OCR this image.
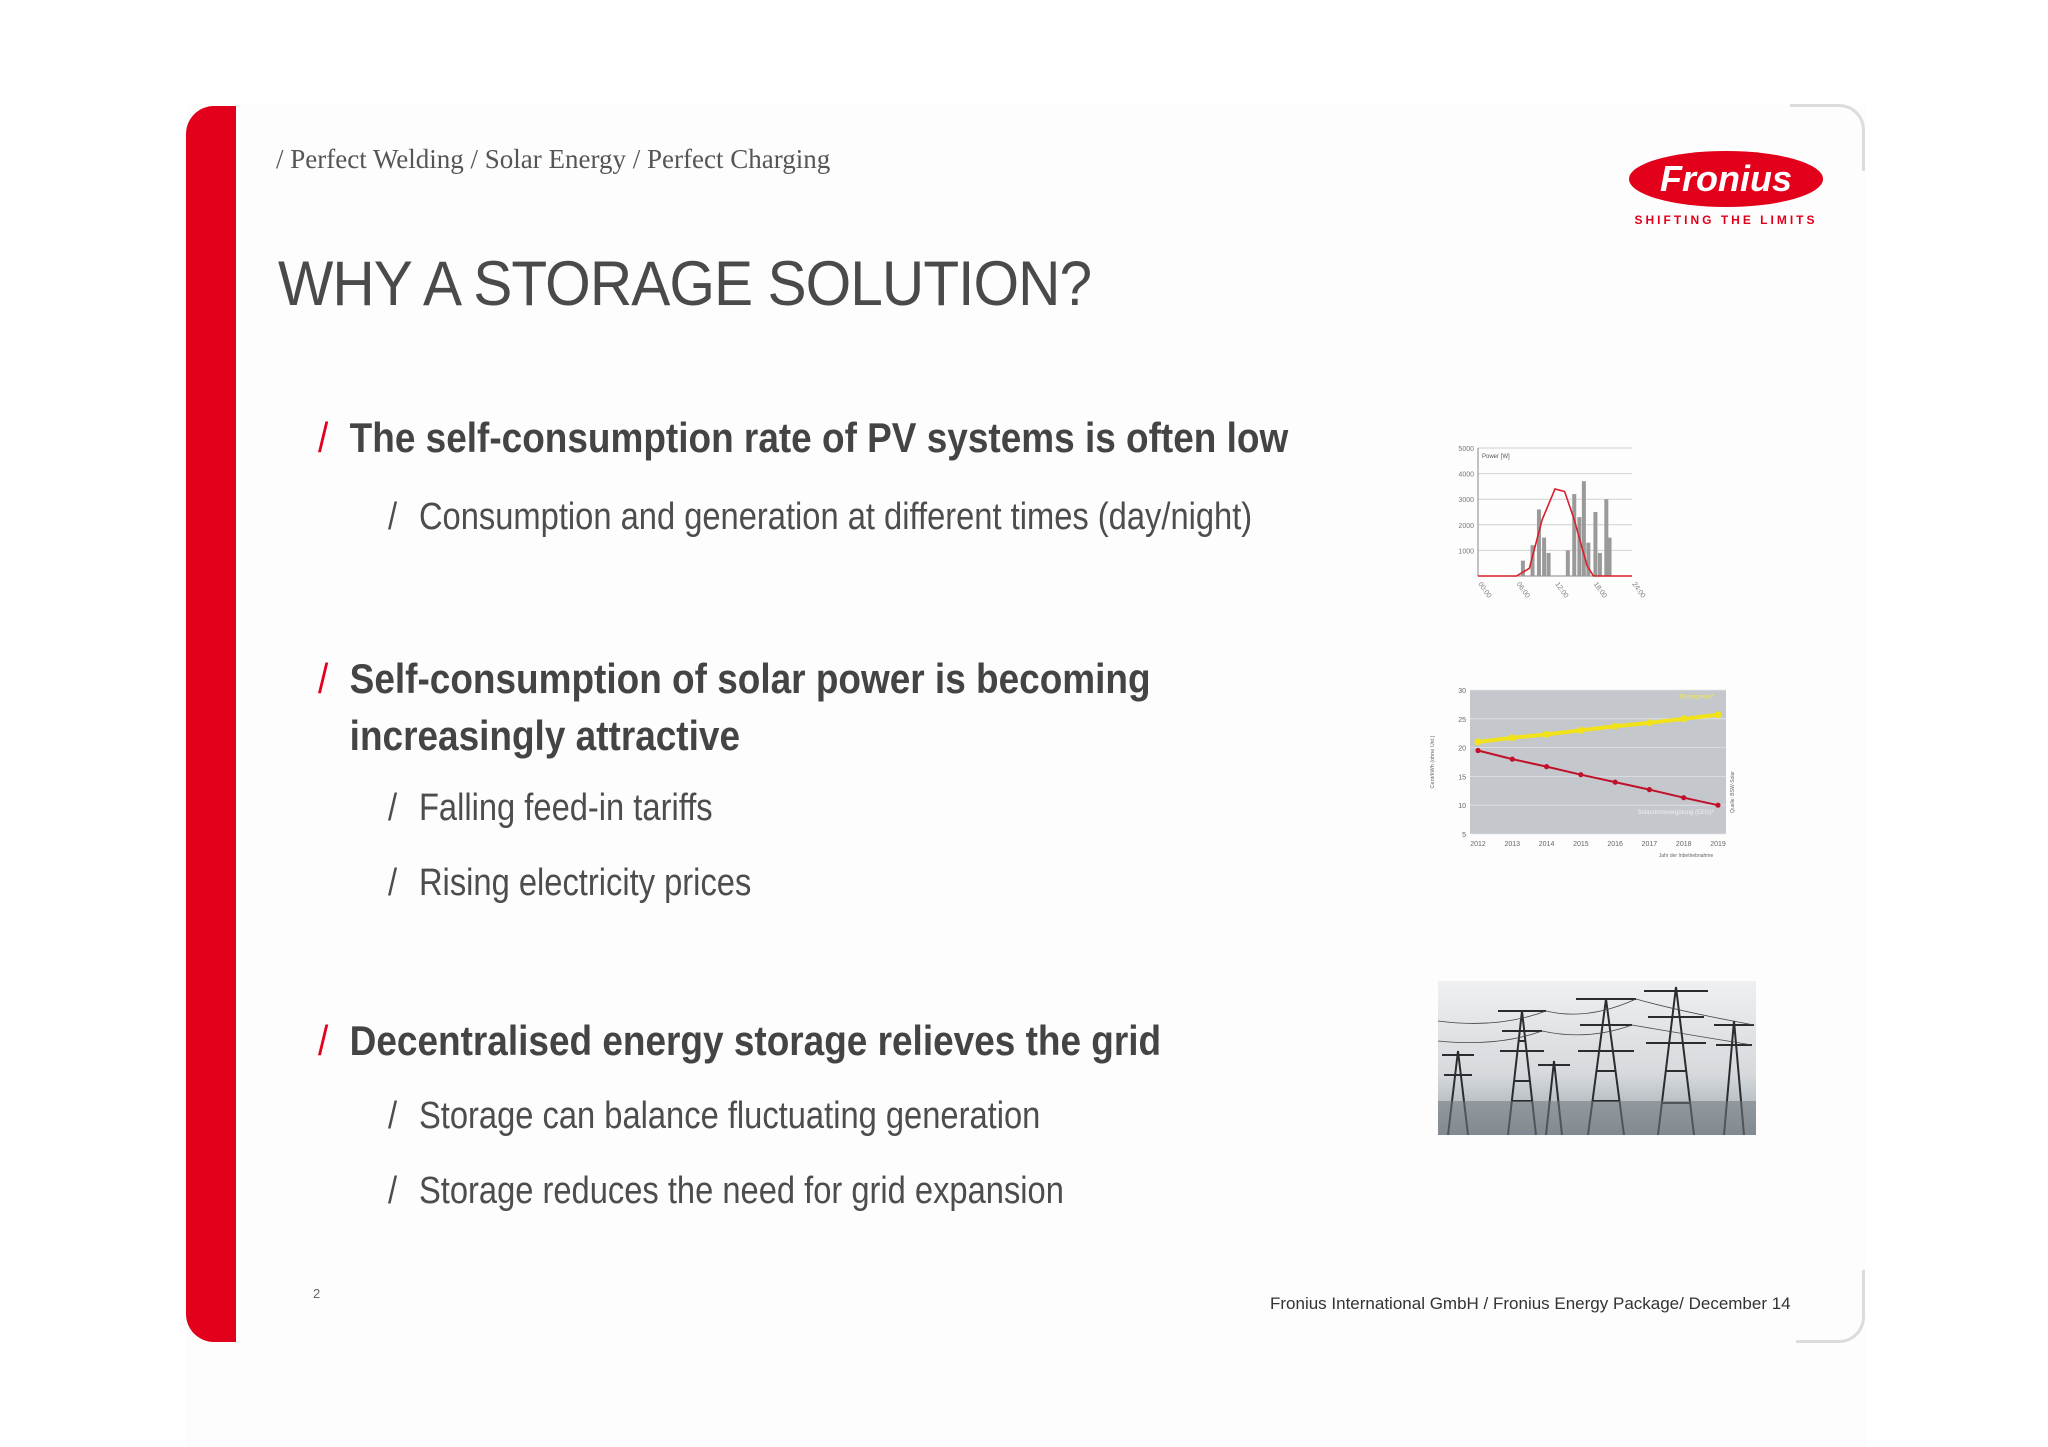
/ Perfect Welding / Solar Energy / Perfect Charging	Fronius
SHIFTING THE LIMITS
WHY A STORAGE SOLUTION?
/ The self-consumption rate of PV systems is often low
/ Consumption and generation at different times (day/night)
/ Self-consumption of solar power is becoming
increasingly attractive
/ Falling feed-in tariffs
/ Rising electricity prices
/ Decentralised energy storage relieves the grid
/ Storage can balance fluctuating generation
/ Storage reduces the need for grid expansion
1000
2000
3000
4000
5000
Power [W]
00:00	06:00	12:00	18:00	24:00
5
10
15
20
25
30
Cent/kWh (ohne Ust.)
2012	2013	2014	2015	2016	2017	2018	2019
Jahr der Inbetriebnahme
Strompreise*
Solarstromvergütung (EEG)*	Quelle: BSW-Solar
2
Fronius International GmbH / Fronius Energy Package/ December 14
